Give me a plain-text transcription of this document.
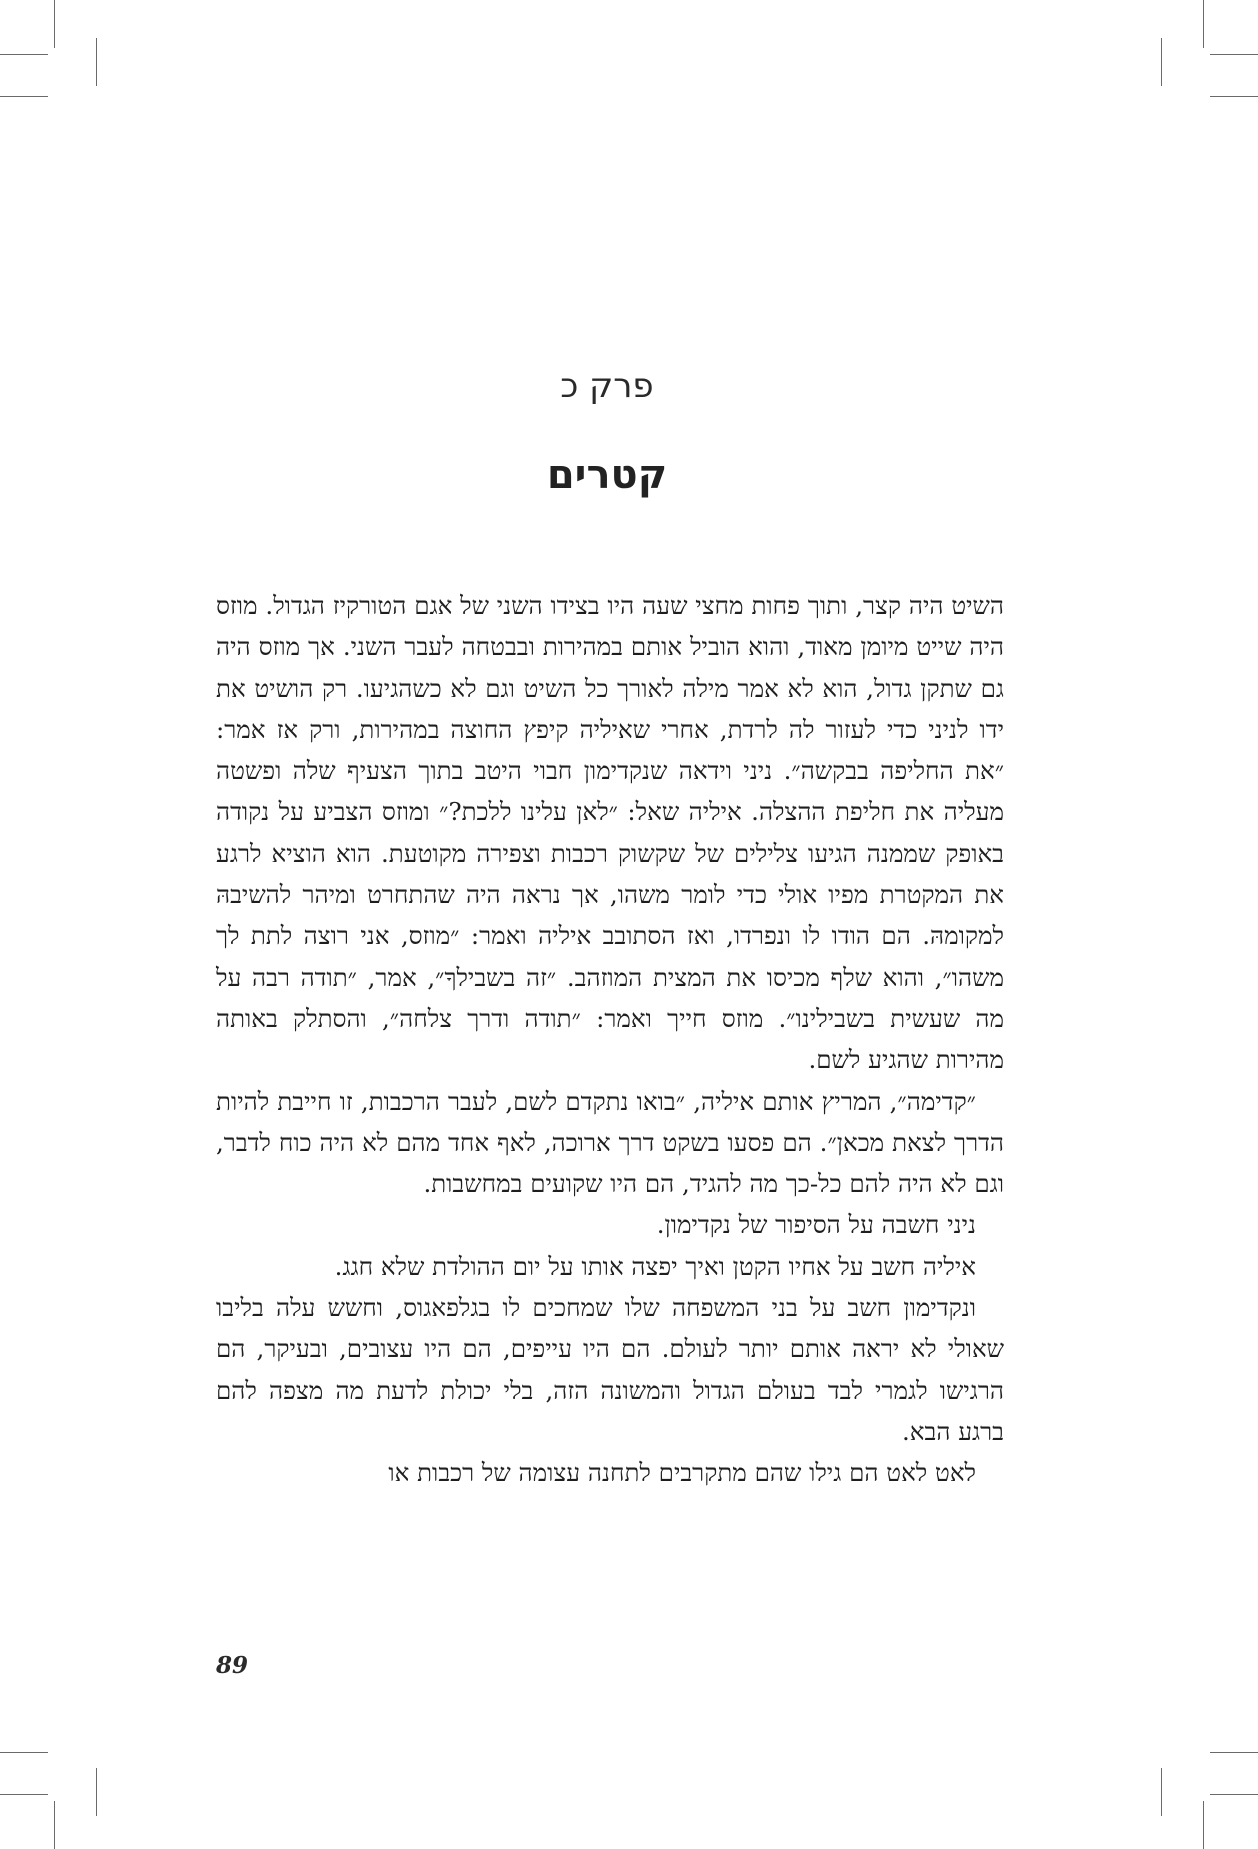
פרק כ
קטרים

השיט היה קצר, ותוך פחות מחצי שעה היו בצידו השני של אגם הטורקיז הגדול. מוזס היה שייט מיומן מאוד, והוא הוביל אותם במהירות ובבטחה לעבר השני. אך מוזס היה גם שתקן גדול, הוא לא אמר מילה לאורך כל השיט וגם לא כשהגיעו. רק הושיט את ידו לניני כדי לעזור לה לרדת, אחרי שאיליה קיפץ החוצה במהירות, ורק אז אמר: ״את החליפה בבקשה״. ניני וידאה שנקדימון חבוי היטב בתוך הצעיף שלה ופשטה מעליה את חליפת ההצלה. איליה שאל: ״לאן עלינו ללכת?״ ומוזס הצביע על נקודה באופק שממנה הגיעו צלילים של שקשוק רכבות וצפירה מקוטעת. הוא הוציא לרגע את המקטרת מפיו אולי כדי לומר משהו, אך נראה היה שהתחרט ומיהר להשיבהּ למקומהּ. הם הודו לו ונפרדו, ואז הסתובב איליה ואמר: ״מוזס, אני רוצה לתת לך משהו״, והוא שלף מכיסו את המצית המוזהב. ״זה בשבילךָ״, אמר, ״תודה רבה על מה שעשית בשבילינו״. מוזס חייך ואמר: ״תודה ודרך צלחה״, והסתלק באותה מהירות שהגיע לשם.

״קדימה״, המריץ אותם איליה, ״בואו נתקדם לשם, לעבר הרכבות, זו חייבת להיות הדרך לצאת מכאן״. הם פסעו בשקט דרך ארוכה, לאף אחד מהם לא היה כוח לדבר, וגם לא היה להם כל-כך מה להגיד, הם היו שקועים במחשבות.

ניני חשבה על הסיפור של נקדימון.

איליה חשב על אחיו הקטן ואיך יפצה אותו על יום ההולדת שלא חגג.

ונקדימון חשב על בני המשפחה שלו שמחכים לו בגלפאגוס, וחשש עלה בליבו שאולי לא יראה אותם יותר לעולם. הם היו עייפים, הם היו עצובים, ובעיקר, הם הרגישו לגמרי לבד בעולם הגדול והמשונה הזה, בלי יכולת לדעת מה מצפה להם ברגע הבא.

לאט לאט הם גילו שהם מתקרבים לתחנה עצומה של רכבות או

89
